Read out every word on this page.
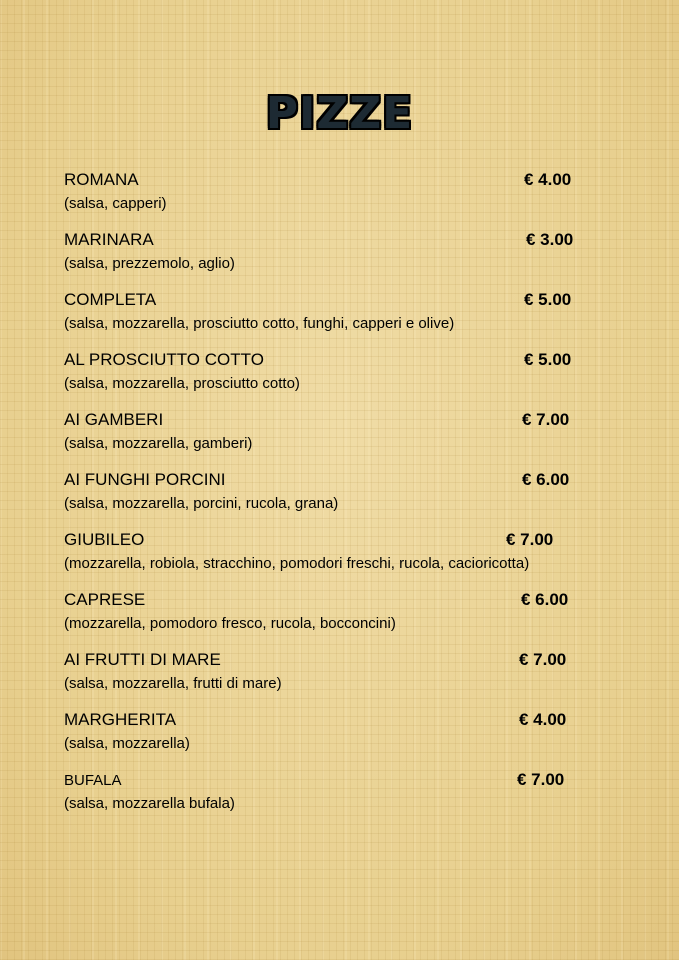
PIZZE
ROMANA	€ 4.00
(salsa, capperi)
MARINARA	€ 3.00
(salsa, prezzemolo, aglio)
COMPLETA	€ 5.00
(salsa, mozzarella, prosciutto cotto, funghi, capperi e olive)
AL PROSCIUTTO COTTO	€ 5.00
(salsa, mozzarella, prosciutto cotto)
AI GAMBERI	€ 7.00
(salsa, mozzarella, gamberi)
AI FUNGHI PORCINI	€ 6.00
(salsa, mozzarella, porcini, rucola, grana)
GIUBILEO	€ 7.00
(mozzarella, robiola, stracchino, pomodori freschi, rucola, cacioricotta)
CAPRESE	€ 6.00
(mozzarella, pomodoro fresco, rucola, bocconcini)
AI FRUTTI DI MARE	€ 7.00
(salsa, mozzarella, frutti di mare)
MARGHERITA	€ 4.00
(salsa, mozzarella)
BUFALA	€ 7.00
(salsa, mozzarella bufala)
